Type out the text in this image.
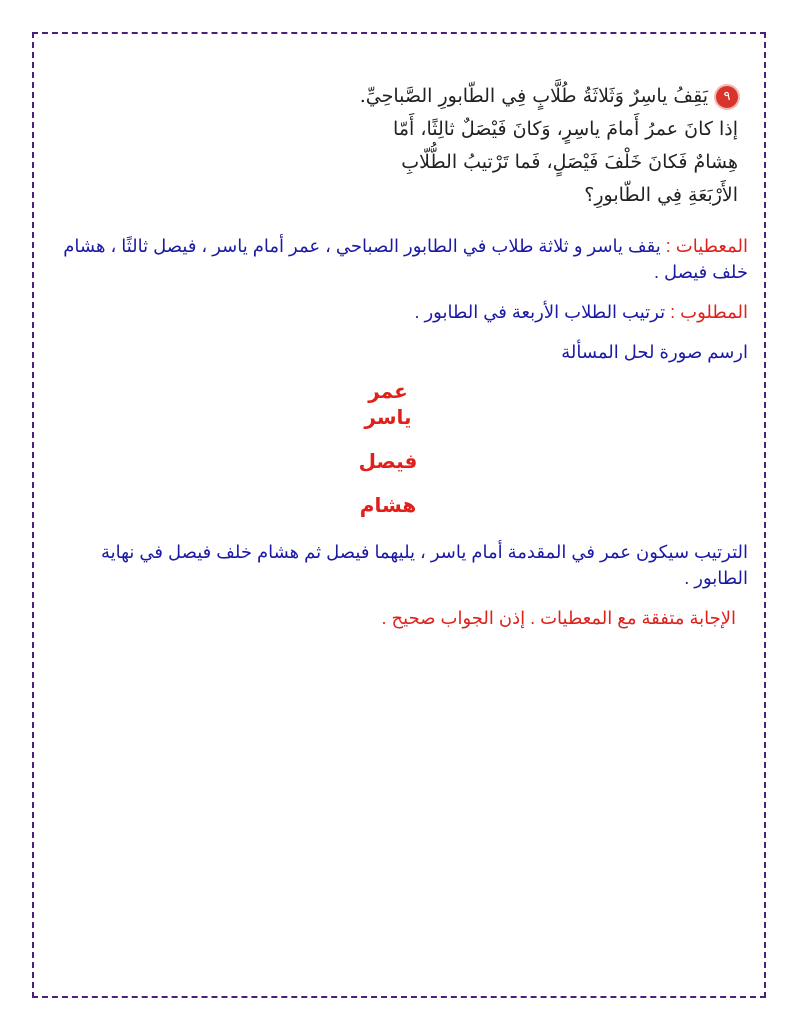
٩يَقِفُ ياسِرٌ وَثَلاثَةُ طُلَّابٍ فِي الطّابورِ الصَّباحِيِّ.

إذا كانَ عمرُ أَمامَ ياسِرٍ، وَكانَ فَيْصَلٌ ثالِثًا، أَمّا

هِشامٌ فَكانَ خَلْفَ فَيْصَلٍ، فَما تَرْتيبُ الطُّلّابِ

الأَرْبَعَةِ فِي الطّابورِ؟

المعطيات : يقف ياسر و ثلاثة طلاب في الطابور الصباحي ، عمر أمام ياسر ، فيصل ثالثًا ، هشام خلف فيصل .

المطلوب : ترتيب الطلاب الأربعة في الطابور .

ارسم صورة لحل المسألة

عمر
ياسر
فيصل
هشام

الترتيب سيكون عمر في المقدمة أمام ياسر ، يليهما فيصل ثم هشام خلف فيصل في نهاية الطابور .

الإجابة متفقة مع المعطيات . إذن الجواب صحيح .
